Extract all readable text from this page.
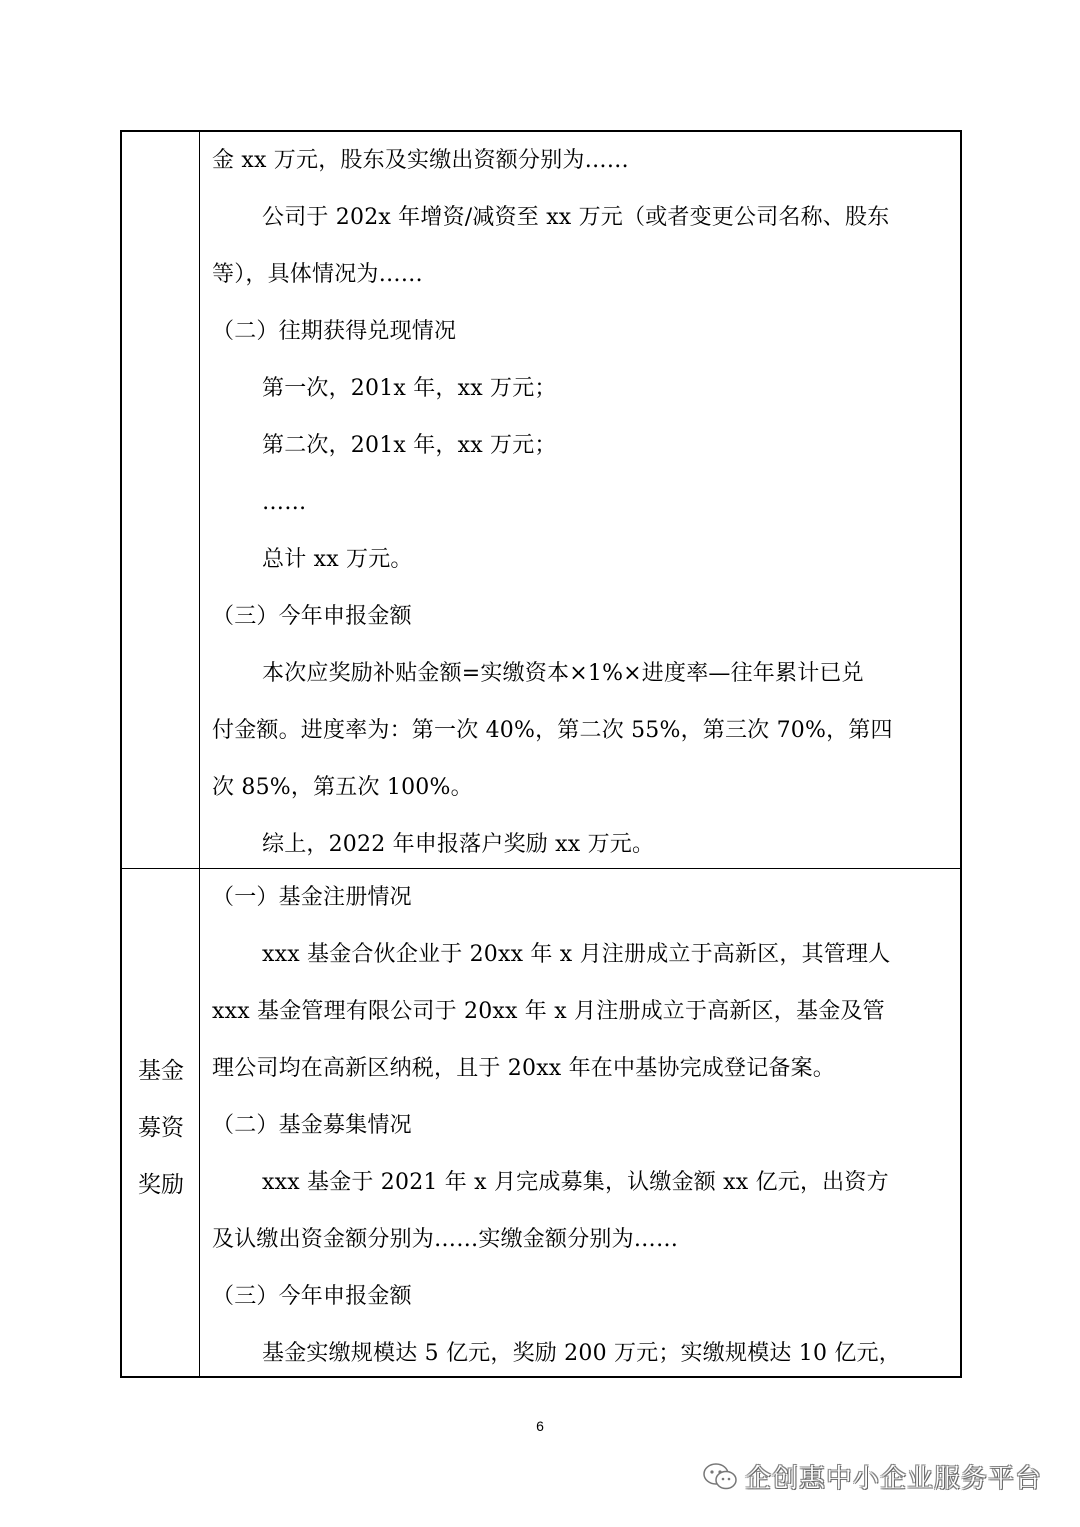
金 xx 万元，股东及实缴出资额分别为……
公司于 202x 年增资/减资至 xx 万元（或者变更公司名称、股东
等），具体情况为……
（二）往期获得兑现情况
第一次，201x 年，xx 万元；
第二次，201x 年，xx 万元；
……
总计 xx 万元。
（三）今年申报金额
本次应奖励补贴金额=实缴资本×1%×进度率—往年累计已兑
付金额。进度率为：第一次 40%，第二次 55%，第三次 70%，第四
次 85%，第五次 100%。
综上，2022 年申报落户奖励 xx 万元。
基金
募资
奖励
（一）基金注册情况
xxx 基金合伙企业于 20xx 年 x 月注册成立于高新区，其管理人
xxx 基金管理有限公司于 20xx 年 x 月注册成立于高新区，基金及管
理公司均在高新区纳税，且于 20xx 年在中基协完成登记备案。
（二）基金募集情况
xxx 基金于 2021 年 x 月完成募集，认缴金额 xx 亿元，出资方
及认缴出资金额分别为……实缴金额分别为……
（三）今年申报金额
基金实缴规模达 5 亿元，奖励 200 万元；实缴规模达 10 亿元，
6
企创惠中小企业服务平台
